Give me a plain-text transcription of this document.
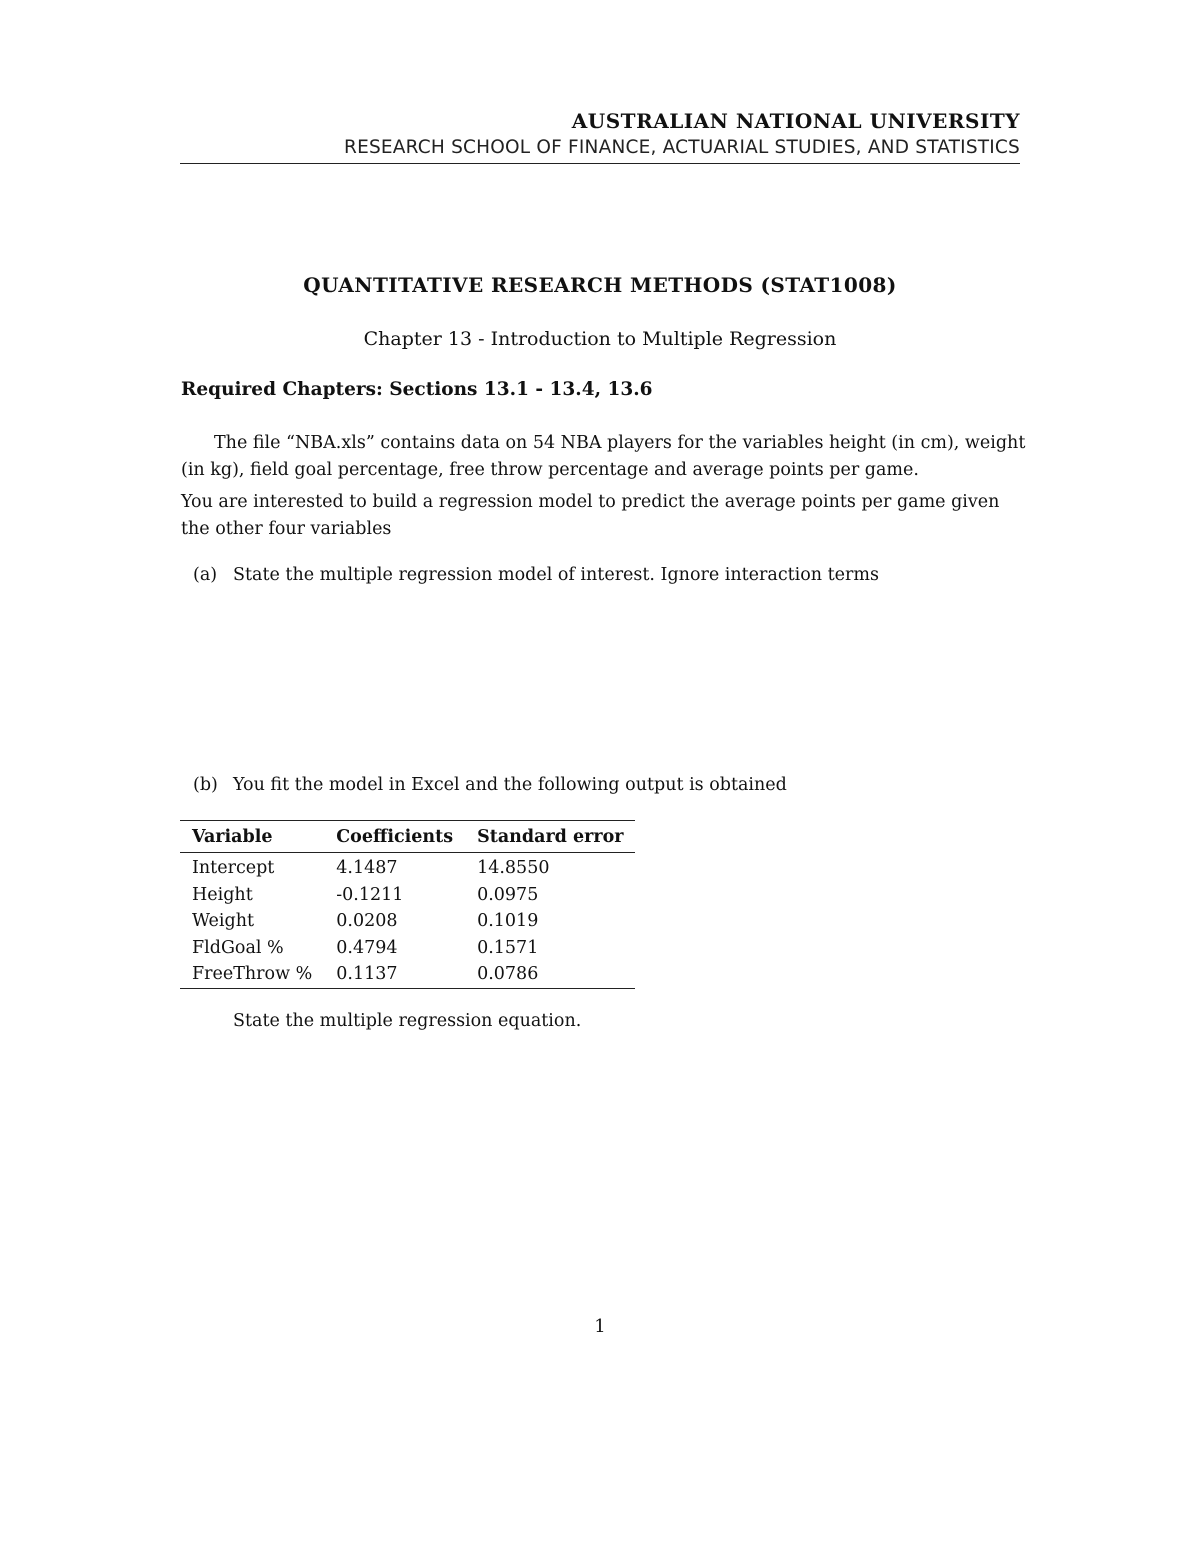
AUSTRALIAN NATIONAL UNIVERSITY
RESEARCH SCHOOL OF FINANCE, ACTUARIAL STUDIES, AND STATISTICS
QUANTITATIVE RESEARCH METHODS (STAT1008)
Chapter 13 - Introduction to Multiple Regression
Required Chapters: Sections 13.1 - 13.4, 13.6

The file “NBA.xls” contains data on 54 NBA players for the variables height (in cm), weight (in kg), field goal percentage, free throw percentage and average points per game.

You are interested to build a regression model to predict the average points per game given the other four variables

(a) State the multiple regression model of interest. Ignore interaction terms
(b) You fit the model in Excel and the following output is obtained
Variable	Coefficients	Standard error
Intercept	4.1487	14.8550
Height	-0.1211	0.0975
Weight	0.0208	0.1019
FldGoal %	0.4794	0.1571
FreeThrow %	0.1137	0.0786
State the multiple regression equation.
1
